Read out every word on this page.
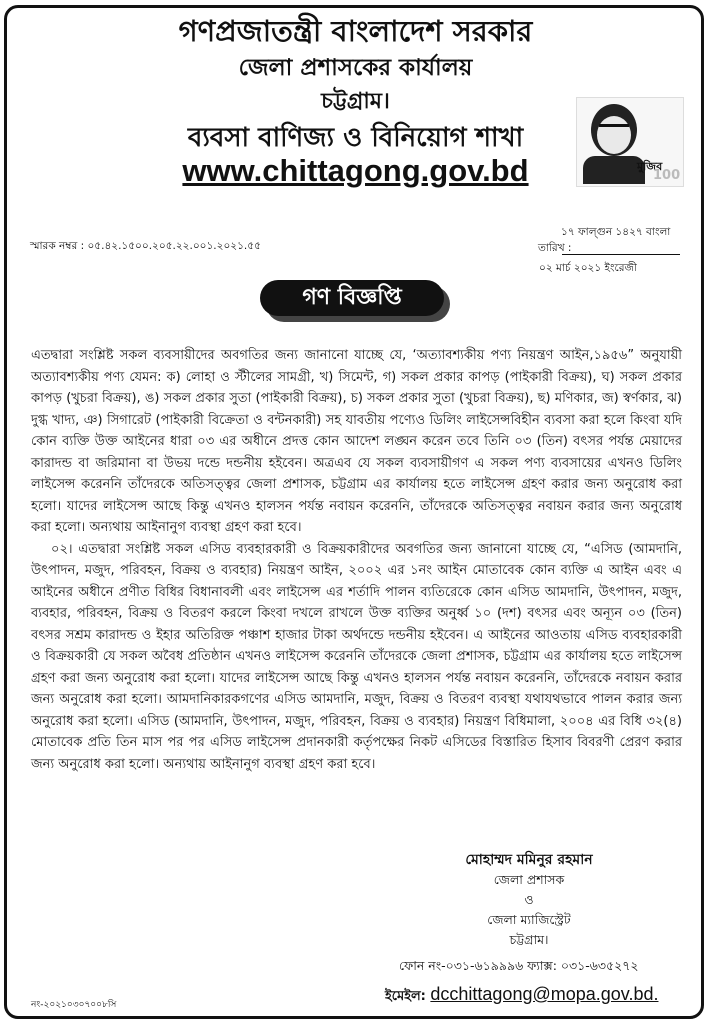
গণপ্রজাতন্ত্রী বাংলাদেশ সরকার
জেলা প্রশাসকের কার্যালয়
চট্টগ্রাম।
ব্যবসা বাণিজ্য ও বিনিয়োগ শাখা
www.chittagong.gov.bd	মুজিব
100
স্মারক নম্বর : ০৫.৪২.১৫০০.২০৫.২২.০০১.২০২১.৫৫
১৭ ফাল্গুন ১৪২৭ বাংলা
তারিখ :
০২ মার্চ ২০২১ ইংরেজী
গণ বিজ্ঞপ্তি

এতদ্বারা সংশ্লিষ্ট সকল ব্যবসায়ীদের অবগতির জন্য জানানো যাচ্ছে যে, ‘অত্যাবশ্যকীয় পণ্য নিয়ন্ত্রণ আইন,১৯৫৬” অনুযায়ী অত্যাবশ্যকীয় পণ্য যেমন: ক) লোহা ও স্টীলের সামগ্রী, খ) সিমেন্ট, গ) সকল প্রকার কাপড় (পাইকারী বিক্রয়), ঘ) সকল প্রকার কাপড় (খুচরা বিক্রয়), ঙ) সকল প্রকার সুতা (পাইকারী বিক্রয়), চ) সকল প্রকার সুতা (খুচরা বিক্রয়), ছ) মণিকার, জ) স্বর্ণকার, ঝ) দুগ্ধ খাদ্য, ঞ) সিগারেট (পাইকারী বিক্রেতা ও বন্টনকারী) সহ যাবতীয় পণ্যেও ডিলিং লাইসেন্সবিহীন ব্যবসা করা হলে কিংবা যদি কোন ব্যক্তি উক্ত আইনের ধারা ০৩ এর অধীনে প্রদত্ত কোন আদেশ লঙ্ঘন করেন তবে তিনি ০৩ (তিন) বৎসর পর্যন্ত মেয়াদের কারাদন্ড বা জরিমানা বা উভয় দন্ডে দন্ডনীয় হইবেন। অত্রএব যে সকল ব্যবসায়ীগণ এ সকল পণ্য ব্যবসায়ের এখনও ডিলিং লাইসেন্স করেননি তাঁদেরকে অতিসত্ত্বর জেলা প্রশাসক, চট্টগ্রাম এর কার্যালয় হতে লাইসেন্স গ্রহণ করার জন্য অনুরোধ করা হলো। যাদের লাইসেন্স আছে কিন্তু এখনও হালসন পর্যন্ত নবায়ন করেননি, তাঁদেরকে অতিসত্ত্বর নবায়ন করার জন্য অনুরোধ করা হলো। অন্যথায় আইনানুগ ব্যবস্থা গ্রহণ করা হবে।

০২। এতদ্বারা সংশ্লিষ্ট সকল এসিড ব্যবহারকারী ও বিক্রয়কারীদের অবগতির জন্য জানানো যাচ্ছে যে, “এসিড (আমদানি, উৎপাদন, মজুদ, পরিবহন, বিক্রয় ও ব্যবহার) নিয়ন্ত্রণ আইন, ২০০২ এর ১নং আইন মোতাবেক কোন ব্যক্তি এ আইন এবং এ আইনের অধীনে প্রণীত বিধির বিধানাবলী এবং লাইসেন্স এর শর্তাদি পালন ব্যতিরেকে কোন এসিড আমদানি, উৎপাদন, মজুদ, ব্যবহার, পরিবহন, বিক্রয় ও বিতরণ করলে কিংবা দখলে রাখলে উক্ত ব্যক্তির অনুর্ধ্ব ১০ (দশ) বৎসর এবং অন্যূন ০৩ (তিন) বৎসর সশ্রম কারাদন্ড ও ইহার অতিরিক্ত পঞ্চাশ হাজার টাকা অর্থদন্ডে দন্ডনীয় হইবেন। এ আইনের আওতায় এসিড ব্যবহারকারী ও বিক্রয়কারী যে সকল অবৈধ প্রতিষ্ঠান এখনও লাইসেন্স করেননি তাঁদেরকে জেলা প্রশাসক, চট্টগ্রাম এর কার্যালয় হতে লাইসেন্স গ্রহণ করা জন্য অনুরোধ করা হলো। যাদের লাইসেন্স আছে কিন্তু এখনও হালসন পর্যন্ত নবায়ন করেননি, তাঁদেরকে নবায়ন করার জন্য অনুরোধ করা হলো। আমদানিকারকগণের এসিড আমদানি, মজুদ, বিক্রয় ও বিতরণ ব্যবস্থা যথাযথভাবে পালন করার জন্য অনুরোধ করা হলো। এসিড (আমদানি, উৎপাদন, মজুদ, পরিবহন, বিক্রয় ও ব্যবহার) নিয়ন্ত্রণ বিধিমালা, ২০০৪ এর বিধি ৩২(৪) মোতাবেক প্রতি তিন মাস পর পর এসিড লাইসেন্স প্রদানকারী কর্তৃপক্ষের নিকট এসিডের বিস্তারিত হিসাব বিবরণী প্রেরণ করার জন্য অনুরোধ করা হলো। অন্যথায় আইনানুগ ব্যবস্থা গ্রহণ করা হবে।

মোহাম্মদ মমিনুর রহমান
জেলা প্রশাসক
ও
জেলা ম্যাজিস্ট্রেট
চট্টগ্রাম।
ফোন নং-০৩১-৬১৯৯৯৬ ফ্যাক্স: ০৩১-৬৩৫২৭২
ইমেইল: dcchittagong@mopa.gov.bd.
নং-২০২১০৩০৭০০৮সি
